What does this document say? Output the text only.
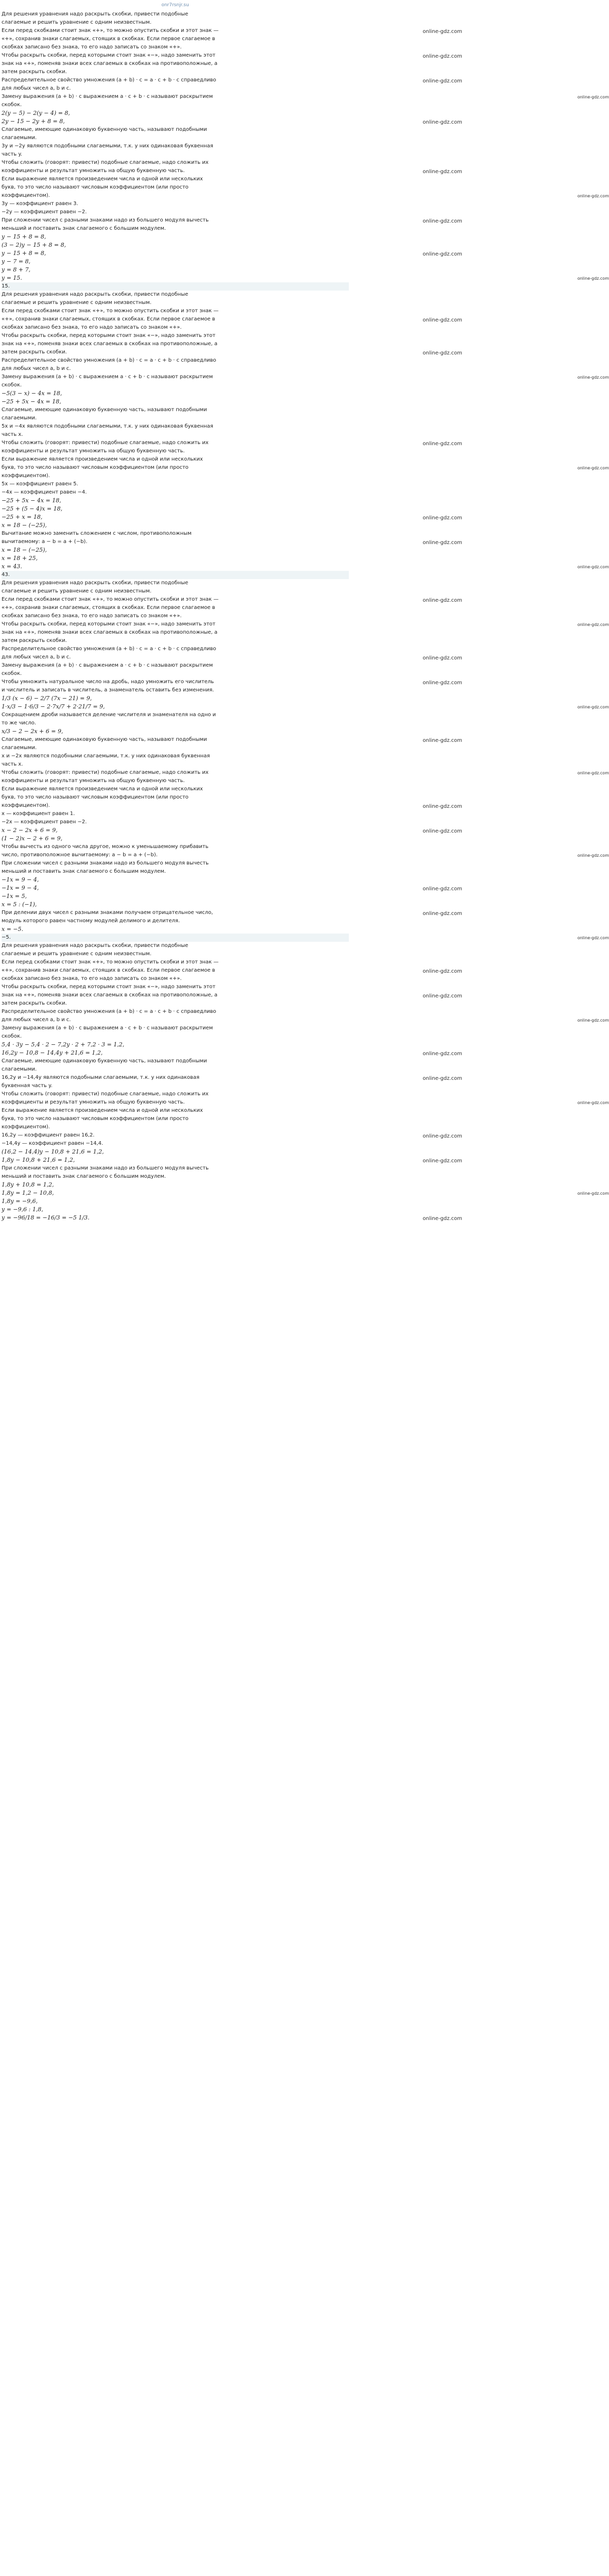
onr7rsnjr.su
Для решения уравнения надо раскрыть скобки, привести подобные
слагаемые и решить уравнение с одним неизвестным.
Если перед скобками стоит знак «+», то можно опустить скобки и этот знак —	online-gdz.com
«+», сохранив знаки слагаемых, стоящих в скобках. Если первое слагаемое в
скобках записано без знака, то его надо записать со знаком «+».
Чтобы раскрыть скобки, перед которыми стоит знак «−», надо заменить этот	online-gdz.com
знак на «+», поменяв знаки всех слагаемых в скобках на противоположные, а
затем раскрыть скобки.
Распределительное свойство умножения (a + b) · c = a · c + b · c справедливо	online-gdz.com
для любых чисел a, b и c.
Замену выражения (a + b) · c выражением a · c + b · c называют раскрытием	online-gdz.com
скобок.
2(y − 5) − 2(y − 4) = 8,
2y − 15 − 2y + 8 = 8,	online-gdz.com
Слагаемые, имеющие одинаковую буквенную часть, называют подобными
слагаемыми.
3y и −2y являются подобными слагаемыми, т.к. у них одинаковая буквенная
часть y.
Чтобы сложить (говорят: привести) подобные слагаемые, надо сложить их
коэффициенты и результат умножить на общую буквенную часть.	online-gdz.com
Если выражение является произведением числа и одной или нескольких
букв, то это число называют числовым коэффициентом (или просто
коэффициентом).	online-gdz.com
3y — коэффициент равен 3.
−2y — коэффициент равен −2.
При сложении чисел с разными знаками надо из большего модуля вычесть	online-gdz.com
меньший и поставить знак слагаемого с большим модулем.
y − 15 + 8 = 8,
(3 − 2)y − 15 + 8 = 8,
y − 15 + 8 = 8,	online-gdz.com
y − 7 = 8,
y = 8 + 7,
y = 15.	online-gdz.com
15.
Для решения уравнения надо раскрыть скобки, привести подобные
слагаемые и решить уравнение с одним неизвестным.
Если перед скобками стоит знак «+», то можно опустить скобки и этот знак —
«+», сохранив знаки слагаемых, стоящих в скобках. Если первое слагаемое в	online-gdz.com
скобках записано без знака, то его надо записать со знаком «+».
Чтобы раскрыть скобки, перед которыми стоит знак «−», надо заменить этот
знак на «+», поменяв знаки всех слагаемых в скобках на противоположные, а
затем раскрыть скобки.	online-gdz.com
Распределительное свойство умножения (a + b) · c = a · c + b · c справедливо
для любых чисел a, b и c.
Замену выражения (a + b) · c выражением a · c + b · c называют раскрытием	online-gdz.com
скобок.
−5(3 − x) − 4x = 18,
−25 + 5x − 4x = 18,
Слагаемые, имеющие одинаковую буквенную часть, называют подобными
слагаемыми.
5x и −4x являются подобными слагаемыми, т.к. у них одинаковая буквенная
часть x.
Чтобы сложить (говорят: привести) подобные слагаемые, надо сложить их	online-gdz.com
коэффициенты и результат умножить на общую буквенную часть.
Если выражение является произведением числа и одной или нескольких
букв, то это число называют числовым коэффициентом (или просто	online-gdz.com
коэффициентом).
5x — коэффициент равен 5.
−4x — коэффициент равен −4.
−25 + 5x − 4x = 18,
−25 + (5 − 4)x = 18,
−25 + x = 18,	online-gdz.com
x = 18 − (−25),
Вычитание можно заменить сложением с числом, противоположным
вычитаемому: a − b = a + (−b).	online-gdz.com
x = 18 − (−25),
x = 18 + 25,
x = 43.	online-gdz.com
43.
Для решения уравнения надо раскрыть скобки, привести подобные
слагаемые и решить уравнение с одним неизвестным.
Если перед скобками стоит знак «+», то можно опустить скобки и этот знак —	online-gdz.com
«+», сохранив знаки слагаемых, стоящих в скобках. Если первое слагаемое в
скобках записано без знака, то его надо записать со знаком «+».
Чтобы раскрыть скобки, перед которыми стоит знак «−», надо заменить этот	online-gdz.com
знак на «+», поменяв знаки всех слагаемых в скобках на противоположные, а
затем раскрыть скобки.
Распределительное свойство умножения (a + b) · c = a · c + b · c справедливо
для любых чисел a, b и c.	online-gdz.com
Замену выражения (a + b) · c выражением a · c + b · c называют раскрытием
скобок.
Чтобы умножить натуральное число на дробь, надо умножить его числитель	online-gdz.com
и числитель и записать в числитель, а знаменатель оставить без изменения.
1/3 (x − 6) − 2/7 (7x − 21) = 9,
1·x/3 − 1·6/3 − 2·7x/7 + 2·21/7 = 9,	online-gdz.com
Сокращением дроби называется деление числителя и знаменателя на одно и
то же число.
x/3 − 2 − 2x + 6 = 9,
Слагаемые, имеющие одинаковую буквенную часть, называют подобными	online-gdz.com
слагаемыми.
x и −2x являются подобными слагаемыми, т.к. у них одинаковая буквенная
часть x.
Чтобы сложить (говорят: привести) подобные слагаемые, надо сложить их	online-gdz.com
коэффициенты и результат умножить на общую буквенную часть.
Если выражение является произведением числа и одной или нескольких
букв, то это число называют числовым коэффициентом (или просто
коэффициентом).	online-gdz.com
x — коэффициент равен 1.
−2x — коэффициент равен −2.
x − 2 − 2x + 6 = 9,	online-gdz.com
(1 − 2)x − 2 + 6 = 9,
Чтобы вычесть из одного числа другое, можно к уменьшаемому прибавить
число, противоположное вычитаемому: a − b = a + (−b).	online-gdz.com
При сложении чисел с разными знаками надо из большего модуля вычесть
меньший и поставить знак слагаемого с большим модулем.
−1x = 9 − 4,
−1x = 9 − 4,	online-gdz.com
−1x = 5,
x = 5 : (−1),
При делении двух чисел с разными знаками получаем отрицательное число,	online-gdz.com
модуль которого равен частному модулей делимого и делителя.
x = −5.
−5.	online-gdz.com
Для решения уравнения надо раскрыть скобки, привести подобные
слагаемые и решить уравнение с одним неизвестным.
Если перед скобками стоит знак «+», то можно опустить скобки и этот знак —
«+», сохранив знаки слагаемых, стоящих в скобках. Если первое слагаемое в	online-gdz.com
скобках записано без знака, то его надо записать со знаком «+».
Чтобы раскрыть скобки, перед которыми стоит знак «−», надо заменить этот
знак на «+», поменяв знаки всех слагаемых в скобках на противоположные, а	online-gdz.com
затем раскрыть скобки.
Распределительное свойство умножения (a + b) · c = a · c + b · c справедливо
для любых чисел a, b и c.	online-gdz.com
Замену выражения (a + b) · c выражением a · c + b · c называют раскрытием
скобок.
5,4 · 3y − 5,4 · 2 − 7,2y · 2 + 7,2 · 3 = 1,2,
16,2y − 10,8 − 14,4y + 21,6 = 1,2,	online-gdz.com
Слагаемые, имеющие одинаковую буквенную часть, называют подобными
слагаемыми.
16,2y и −14,4y являются подобными слагаемыми, т.к. у них одинаковая	online-gdz.com
буквенная часть y.
Чтобы сложить (говорят: привести) подобные слагаемые, надо сложить их
коэффициенты и результат умножить на общую буквенную часть.	online-gdz.com
Если выражение является произведением числа и одной или нескольких
букв, то это число называют числовым коэффициентом (или просто
коэффициентом).
16,2y — коэффициент равен 16,2.	online-gdz.com
−14,4y — коэффициент равен −14,4.
(16,2 − 14,4)y − 10,8 + 21,6 = 1,2,
1,8y − 10,8 + 21,6 = 1,2,	online-gdz.com
При сложении чисел с разными знаками надо из большего модуля вычесть
меньший и поставить знак слагаемого с большим модулем.
1,8y + 10,8 = 1,2,
1,8y = 1,2 − 10,8,	online-gdz.com
1,8y = −9,6,
y = −9,6 : 1,8,
y = −96/18 = −16/3 = −5 1/3.	online-gdz.com
